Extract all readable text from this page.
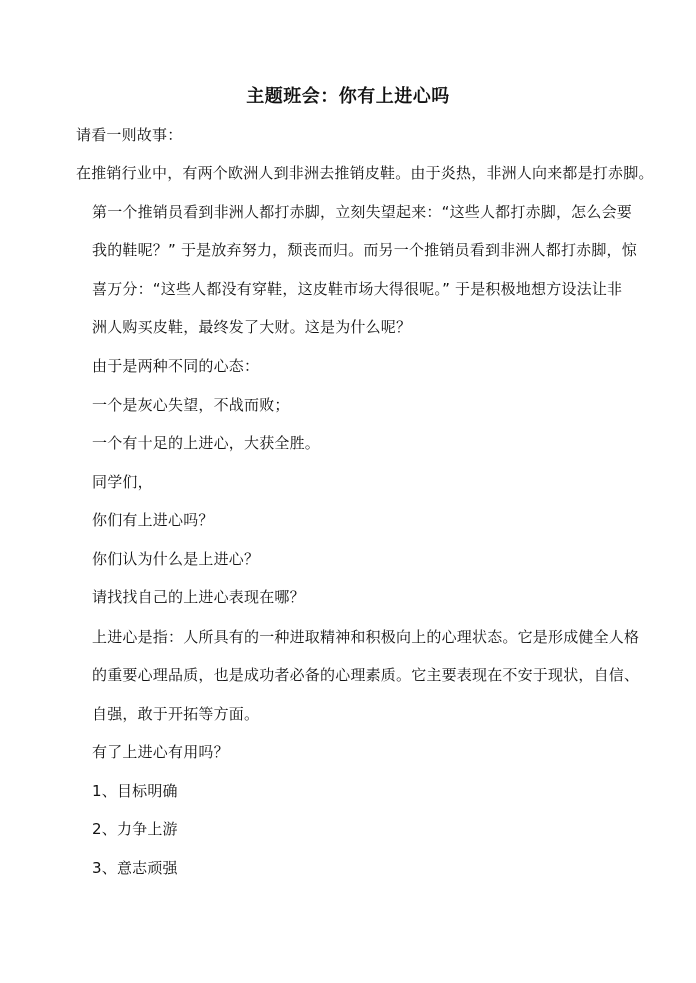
主题班会：你有上进心吗
请看一则故事：
在推销行业中，有两个欧洲人到非洲去推销皮鞋。由于炎热，非洲人向来都是打赤脚。
第一个推销员看到非洲人都打赤脚，立刻失望起来：“这些人都打赤脚，怎么会要
我的鞋呢？” 于是放弃努力，颓丧而归。而另一个推销员看到非洲人都打赤脚，惊
喜万分：“这些人都没有穿鞋，这皮鞋市场大得很呢。” 于是积极地想方设法让非
洲人购买皮鞋，最终发了大财。这是为什么呢？
由于是两种不同的心态：
一个是灰心失望，不战而败；
一个有十足的上进心，大获全胜。
同学们，
你们有上进心吗？
你们认为什么是上进心？
请找找自己的上进心表现在哪？
上进心是指：人所具有的一种进取精神和积极向上的心理状态。它是形成健全人格
的重要心理品质，也是成功者必备的心理素质。它主要表现在不安于现状，自信、
自强，敢于开拓等方面。
有了上进心有用吗？
1、目标明确
2、力争上游
3、意志顽强
